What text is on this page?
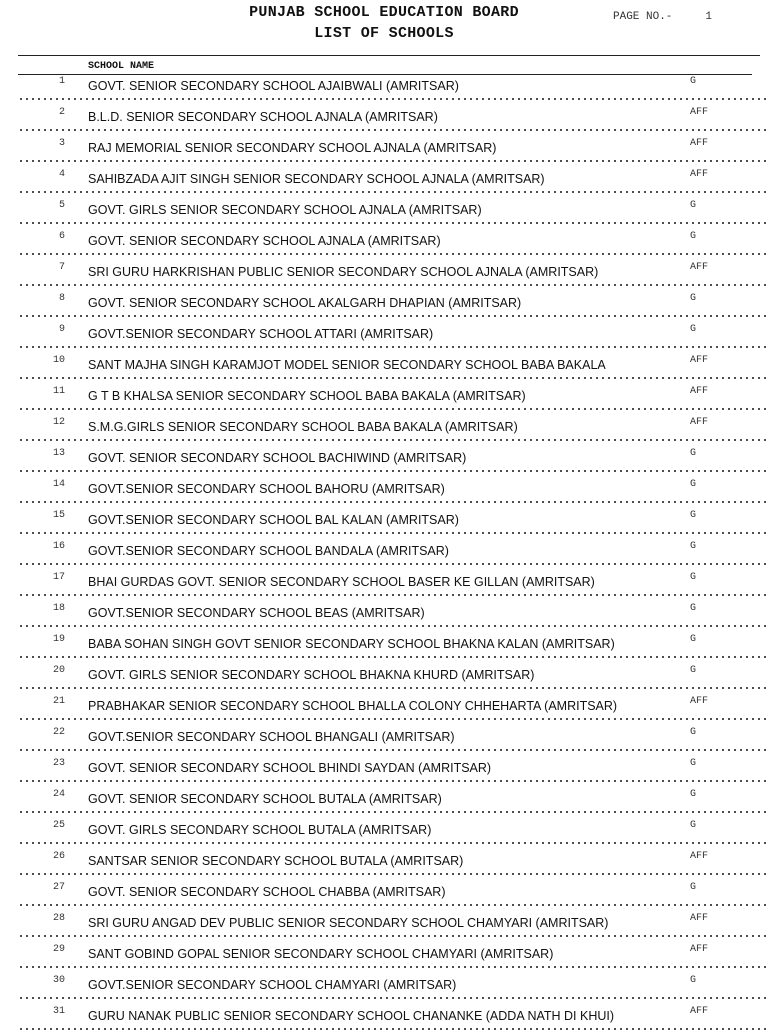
PUNJAB SCHOOL EDUCATION BOARD
LIST OF SCHOOLS
PAGE NO.-     1
SCHOOL NAME
1 GOVT. SENIOR SECONDARY SCHOOL AJAIBWALI (AMRITSAR)	G
2 B.L.D. SENIOR SECONDARY SCHOOL AJNALA (AMRITSAR)	AFF
3 RAJ MEMORIAL SENIOR SECONDARY SCHOOL AJNALA (AMRITSAR)	AFF
4 SAHIBZADA AJIT SINGH SENIOR SECONDARY SCHOOL AJNALA (AMRITSAR)	AFF
5 GOVT. GIRLS SENIOR SECONDARY SCHOOL AJNALA (AMRITSAR)	G
6 GOVT. SENIOR SECONDARY SCHOOL AJNALA (AMRITSAR)	G
7 SRI GURU HARKRISHAN PUBLIC SENIOR SECONDARY SCHOOL AJNALA (AMRITSAR)	AFF
8 GOVT. SENIOR SECONDARY SCHOOL AKALGARH DHAPIAN (AMRITSAR)	G
9 GOVT.SENIOR SECONDARY SCHOOL ATTARI (AMRITSAR)	G
10 SANT MAJHA SINGH KARAMJOT MODEL SENIOR SECONDARY SCHOOL BABA BAKALA	AFF
11 G T B KHALSA SENIOR SECONDARY SCHOOL BABA BAKALA (AMRITSAR)	AFF
12 S.M.G.GIRLS SENIOR SECONDARY SCHOOL BABA BAKALA (AMRITSAR)	AFF
13 GOVT. SENIOR SECONDARY SCHOOL BACHIWIND (AMRITSAR)	G
14 GOVT.SENIOR SECONDARY SCHOOL BAHORU (AMRITSAR)	G
15 GOVT.SENIOR SECONDARY SCHOOL BAL KALAN (AMRITSAR)	G
16 GOVT.SENIOR SECONDARY SCHOOL BANDALA (AMRITSAR)	G
17 BHAI GURDAS GOVT. SENIOR SECONDARY SCHOOL BASER KE GILLAN (AMRITSAR)	G
18 GOVT.SENIOR SECONDARY SCHOOL BEAS (AMRITSAR)	G
19 BABA SOHAN SINGH GOVT SENIOR SECONDARY SCHOOL BHAKNA KALAN (AMRITSAR)	G
20 GOVT. GIRLS SENIOR SECONDARY SCHOOL BHAKNA KHURD (AMRITSAR)	G
21 PRABHAKAR SENIOR SECONDARY SCHOOL BHALLA COLONY CHHEHARTA (AMRITSAR)	AFF
22 GOVT.SENIOR SECONDARY SCHOOL BHANGALI (AMRITSAR)	G
23 GOVT. SENIOR SECONDARY SCHOOL BHINDI SAYDAN (AMRITSAR)	G
24 GOVT. SENIOR SECONDARY SCHOOL BUTALA (AMRITSAR)	G
25 GOVT. GIRLS SECONDARY SCHOOL BUTALA (AMRITSAR)	G
26 SANTSAR SENIOR SECONDARY SCHOOL BUTALA (AMRITSAR)	AFF
27 GOVT. SENIOR SECONDARY SCHOOL CHABBA (AMRITSAR)	G
28 SRI GURU ANGAD DEV PUBLIC SENIOR SECONDARY SCHOOL CHAMYARI (AMRITSAR)	AFF
29 SANT GOBIND GOPAL SENIOR SECONDARY SCHOOL CHAMYARI (AMRITSAR)	AFF
30 GOVT.SENIOR SECONDARY SCHOOL CHAMYARI (AMRITSAR)	G
31 GURU NANAK PUBLIC SENIOR SECONDARY SCHOOL CHANANKE (ADDA NATH DI KHUI)	AFF
